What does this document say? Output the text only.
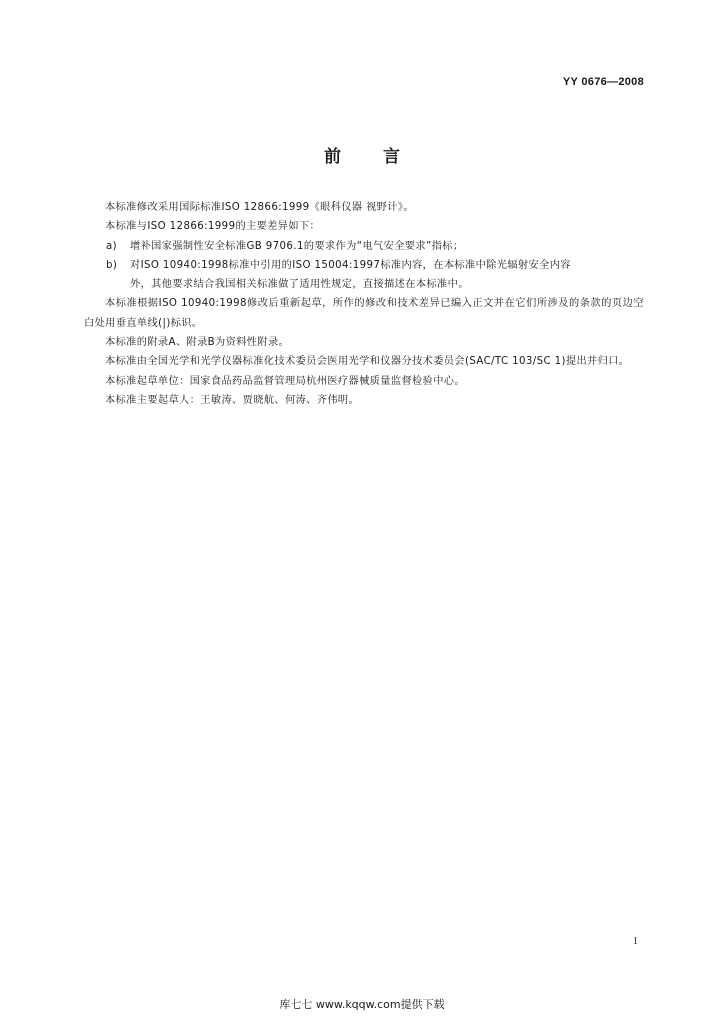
YY 0676—2008
前言

本标准修改采用国际标准ISO 12866:1999《眼科仪器 视野计》。

本标准与ISO 12866:1999的主要差异如下：

a) 增补国家强制性安全标准GB 9706.1的要求作为“电气安全要求”指标；

b) 对ISO 10940:1998标准中引用的ISO 15004:1997标准内容，在本标准中除光辐射安全内容

外，其他要求结合我国相关标准做了适用性规定，直接描述在本标准中。

本标准根据ISO 10940:1998修改后重新起草，所作的修改和技术差异已编入正文并在它们所涉及的条款的页边空白处用垂直单线(|)标识。

本标准的附录A、附录B为资料性附录。

本标准由全国光学和光学仪器标准化技术委员会医用光学和仪器分技术委员会(SAC/TC 103/SC 1)提出并归口。

本标准起草单位：国家食品药品监督管理局杭州医疗器械质量监督检验中心。

本标准主要起草人：王敏涛、贾晓航、何涛、齐伟明。

1
库七七 www.kqqw.com提供下载
